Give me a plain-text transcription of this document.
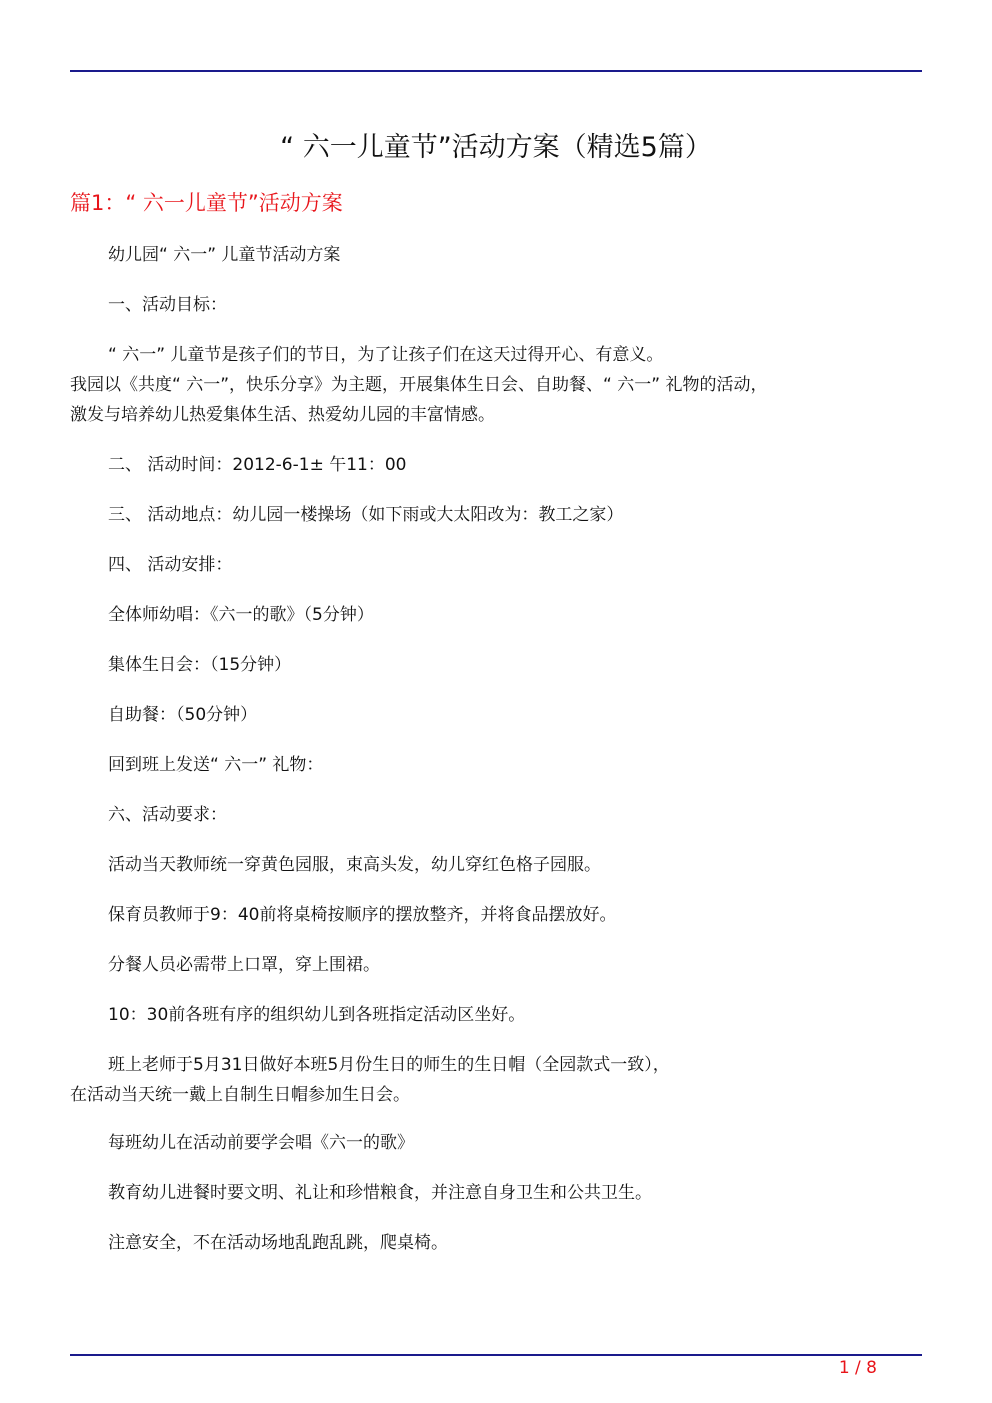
“ 六一儿童节”活动方案（精选5篇）
篇1：“ 六一儿童节”活动方案

幼儿园“ 六一” 儿童节活动方案

一、活动目标：

“ 六一” 儿童节是孩子们的节日，为了让孩子们在这天过得开心、有意义。
我园以《共度“ 六一”，快乐分享》为主题，开展集体生日会、自助餐、“ 六一” 礼物的活动，
激发与培养幼儿热爱集体生活、热爱幼儿园的丰富情感。

二、 活动时间：2012-6-1± 午11：00

三、 活动地点：幼儿园一楼操场（如下雨或大太阳改为：教工之家）

四、 活动安排：

全体师幼唱：《六一的歌》（5分钟）

集体生日会：（15分钟）

自助餐：（50分钟）

回到班上发送“ 六一” 礼物：

六、活动要求：

活动当天教师统一穿黄色园服，束高头发，幼儿穿红色格子园服。

保育员教师于9：40前将桌椅按顺序的摆放整齐，并将食品摆放好。

分餐人员必需带上口罩，穿上围裙。

10：30前各班有序的组织幼儿到各班指定活动区坐好。

班上老师于5月31日做好本班5月份生日的师生的生日帽（全园款式一致），
在活动当天统一戴上自制生日帽参加生日会。

每班幼儿在活动前要学会唱《六一的歌》

教育幼儿进餐时要文明、礼让和珍惜粮食，并注意自身卫生和公共卫生。

注意安全，不在活动场地乱跑乱跳，爬桌椅。

1 / 8
